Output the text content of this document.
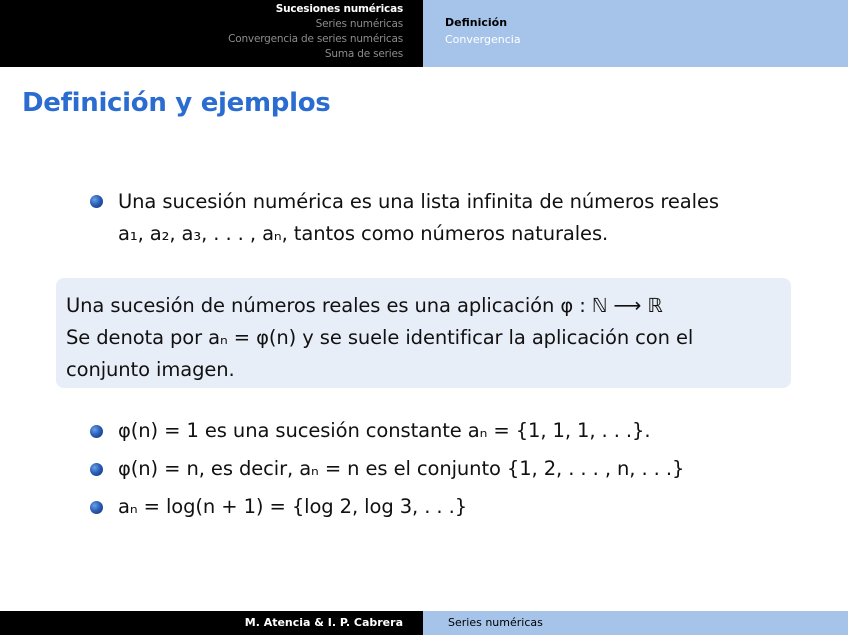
Sucesiones numéricas
Series numéricas
Convergencia de series numéricas
Suma de series
Definición
Convergencia
Definición y ejemplos
Una sucesión numérica es una lista infinita de números reales
a₁, a₂, a₃, . . . , aₙ, tantos como números naturales.
Una sucesión de números reales es una aplicación φ : ℕ ⟶ ℝ
Se denota por aₙ = φ(n) y se suele identificar la aplicación con el
conjunto imagen.
φ(n) = 1 es una sucesión constante aₙ = {1, 1, 1, . . .}.
φ(n) = n, es decir, aₙ = n es el conjunto {1, 2, . . . , n, . . .}
aₙ = log(n + 1) = {log 2, log 3, . . .}
M. Atencia & I. P. Cabrera	Series numéricas
